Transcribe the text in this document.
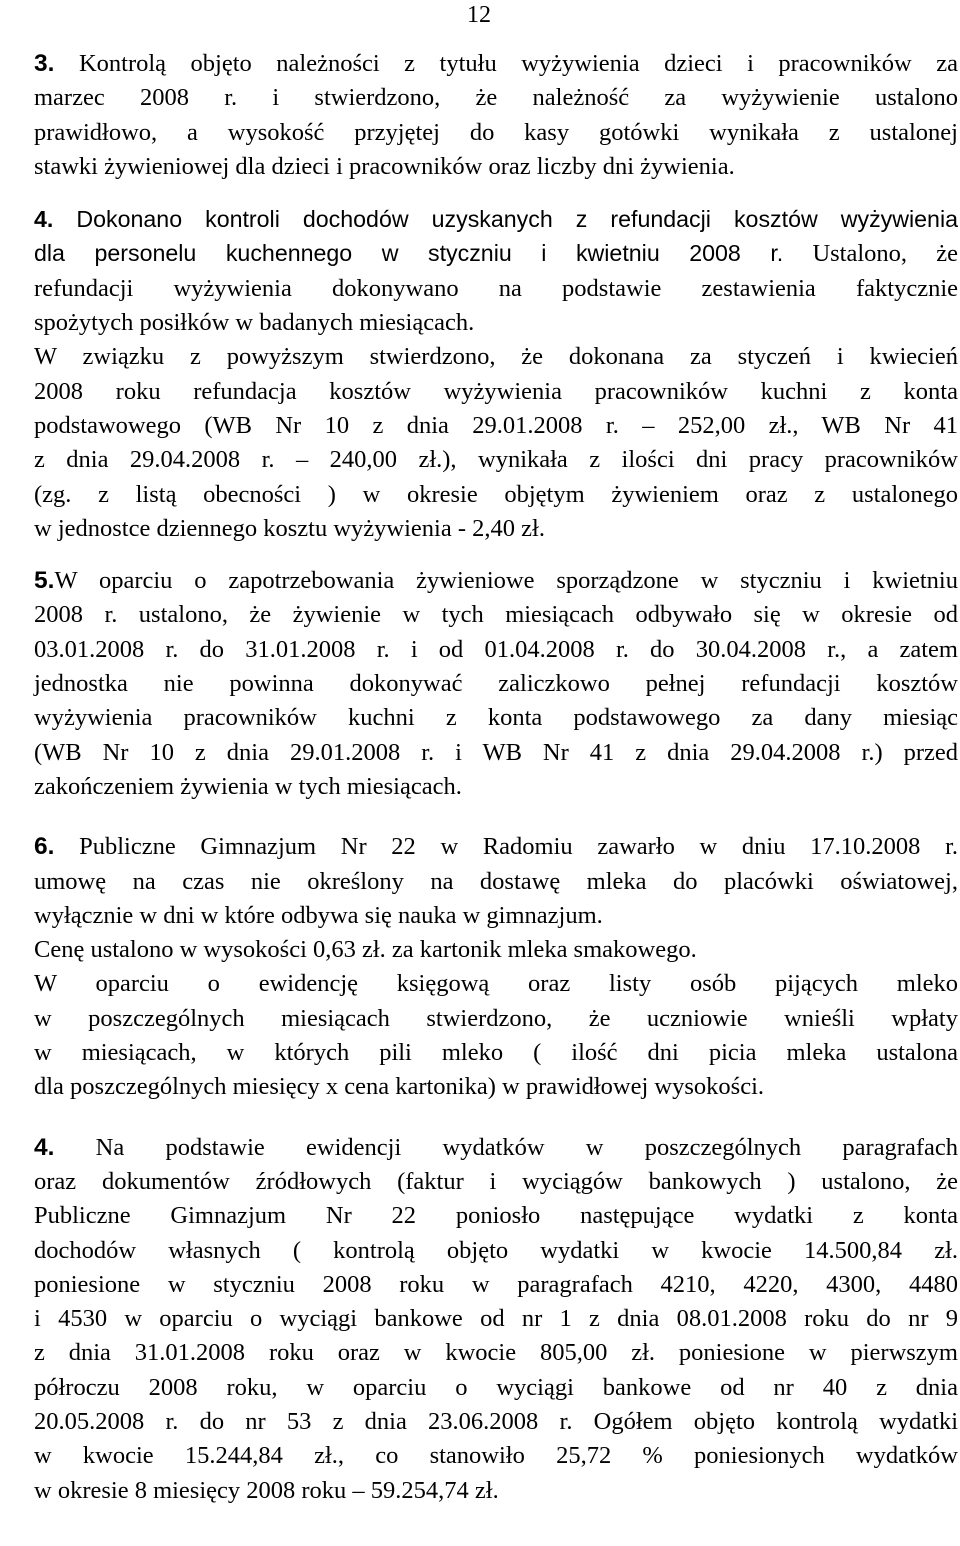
12
3. Kontrolą objęto należności z tytułu wyżywienia dzieci i pracowników za
marzec 2008 r. i stwierdzono, że należność za wyżywienie ustalono
prawidłowo, a wysokość przyjętej do kasy gotówki wynikała z ustalonej
stawki żywieniowej dla dzieci i pracowników oraz liczby dni żywienia.
4. Dokonano kontroli dochodów uzyskanych z refundacji kosztów wyżywienia
dla personelu kuchennego w styczniu i kwietniu 2008 r. Ustalono, że
refundacji wyżywienia dokonywano na podstawie zestawienia faktycznie
spożytych posiłków w badanych miesiącach.
W związku z powyższym stwierdzono, że dokonana za styczeń i kwiecień
2008 roku refundacja kosztów wyżywienia pracowników kuchni z konta
podstawowego (WB Nr 10 z dnia 29.01.2008 r. – 252,00 zł., WB Nr 41
z dnia 29.04.2008 r. – 240,00 zł.), wynikała z ilości dni pracy pracowników
(zg. z listą obecności ) w okresie objętym żywieniem oraz z ustalonego
w jednostce dziennego kosztu wyżywienia - 2,40 zł.
5.W oparciu o zapotrzebowania żywieniowe sporządzone w styczniu i kwietniu
2008 r. ustalono, że żywienie w tych miesiącach odbywało się w okresie od
03.01.2008 r. do 31.01.2008 r. i od 01.04.2008 r. do 30.04.2008 r., a zatem
jednostka nie powinna dokonywać zaliczkowo pełnej refundacji kosztów
wyżywienia pracowników kuchni z konta podstawowego za dany miesiąc
(WB Nr 10 z dnia 29.01.2008 r. i WB Nr 41 z dnia 29.04.2008 r.) przed
zakończeniem żywienia w tych miesiącach.
6. Publiczne Gimnazjum Nr 22 w Radomiu zawarło w dniu 17.10.2008 r.
umowę na czas nie określony na dostawę mleka do placówki oświatowej,
wyłącznie w dni w które odbywa się nauka w gimnazjum.
Cenę ustalono w wysokości 0,63 zł. za kartonik mleka smakowego.
W oparciu o ewidencję księgową oraz listy osób pijących mleko
w poszczególnych miesiącach stwierdzono, że uczniowie wnieśli wpłaty
w miesiącach, w których pili mleko ( ilość dni picia mleka ustalona
dla poszczególnych miesięcy x cena kartonika) w prawidłowej wysokości.
4. Na podstawie ewidencji wydatków w poszczególnych paragrafach
oraz dokumentów źródłowych (faktur i wyciągów bankowych ) ustalono, że
Publiczne Gimnazjum Nr 22 poniosło następujące wydatki z konta
dochodów własnych ( kontrolą objęto wydatki w kwocie 14.500,84 zł.
poniesione w styczniu 2008 roku w paragrafach 4210, 4220, 4300, 4480
i 4530 w oparciu o wyciągi bankowe od nr 1 z dnia 08.01.2008 roku do nr 9
z dnia 31.01.2008 roku oraz w kwocie 805,00 zł. poniesione w pierwszym
półroczu 2008 roku, w oparciu o wyciągi bankowe od nr 40 z dnia
20.05.2008 r. do nr 53 z dnia 23.06.2008 r. Ogółem objęto kontrolą wydatki
w kwocie 15.244,84 zł., co stanowiło 25,72 % poniesionych wydatków
w okresie 8 miesięcy 2008 roku – 59.254,74 zł.
